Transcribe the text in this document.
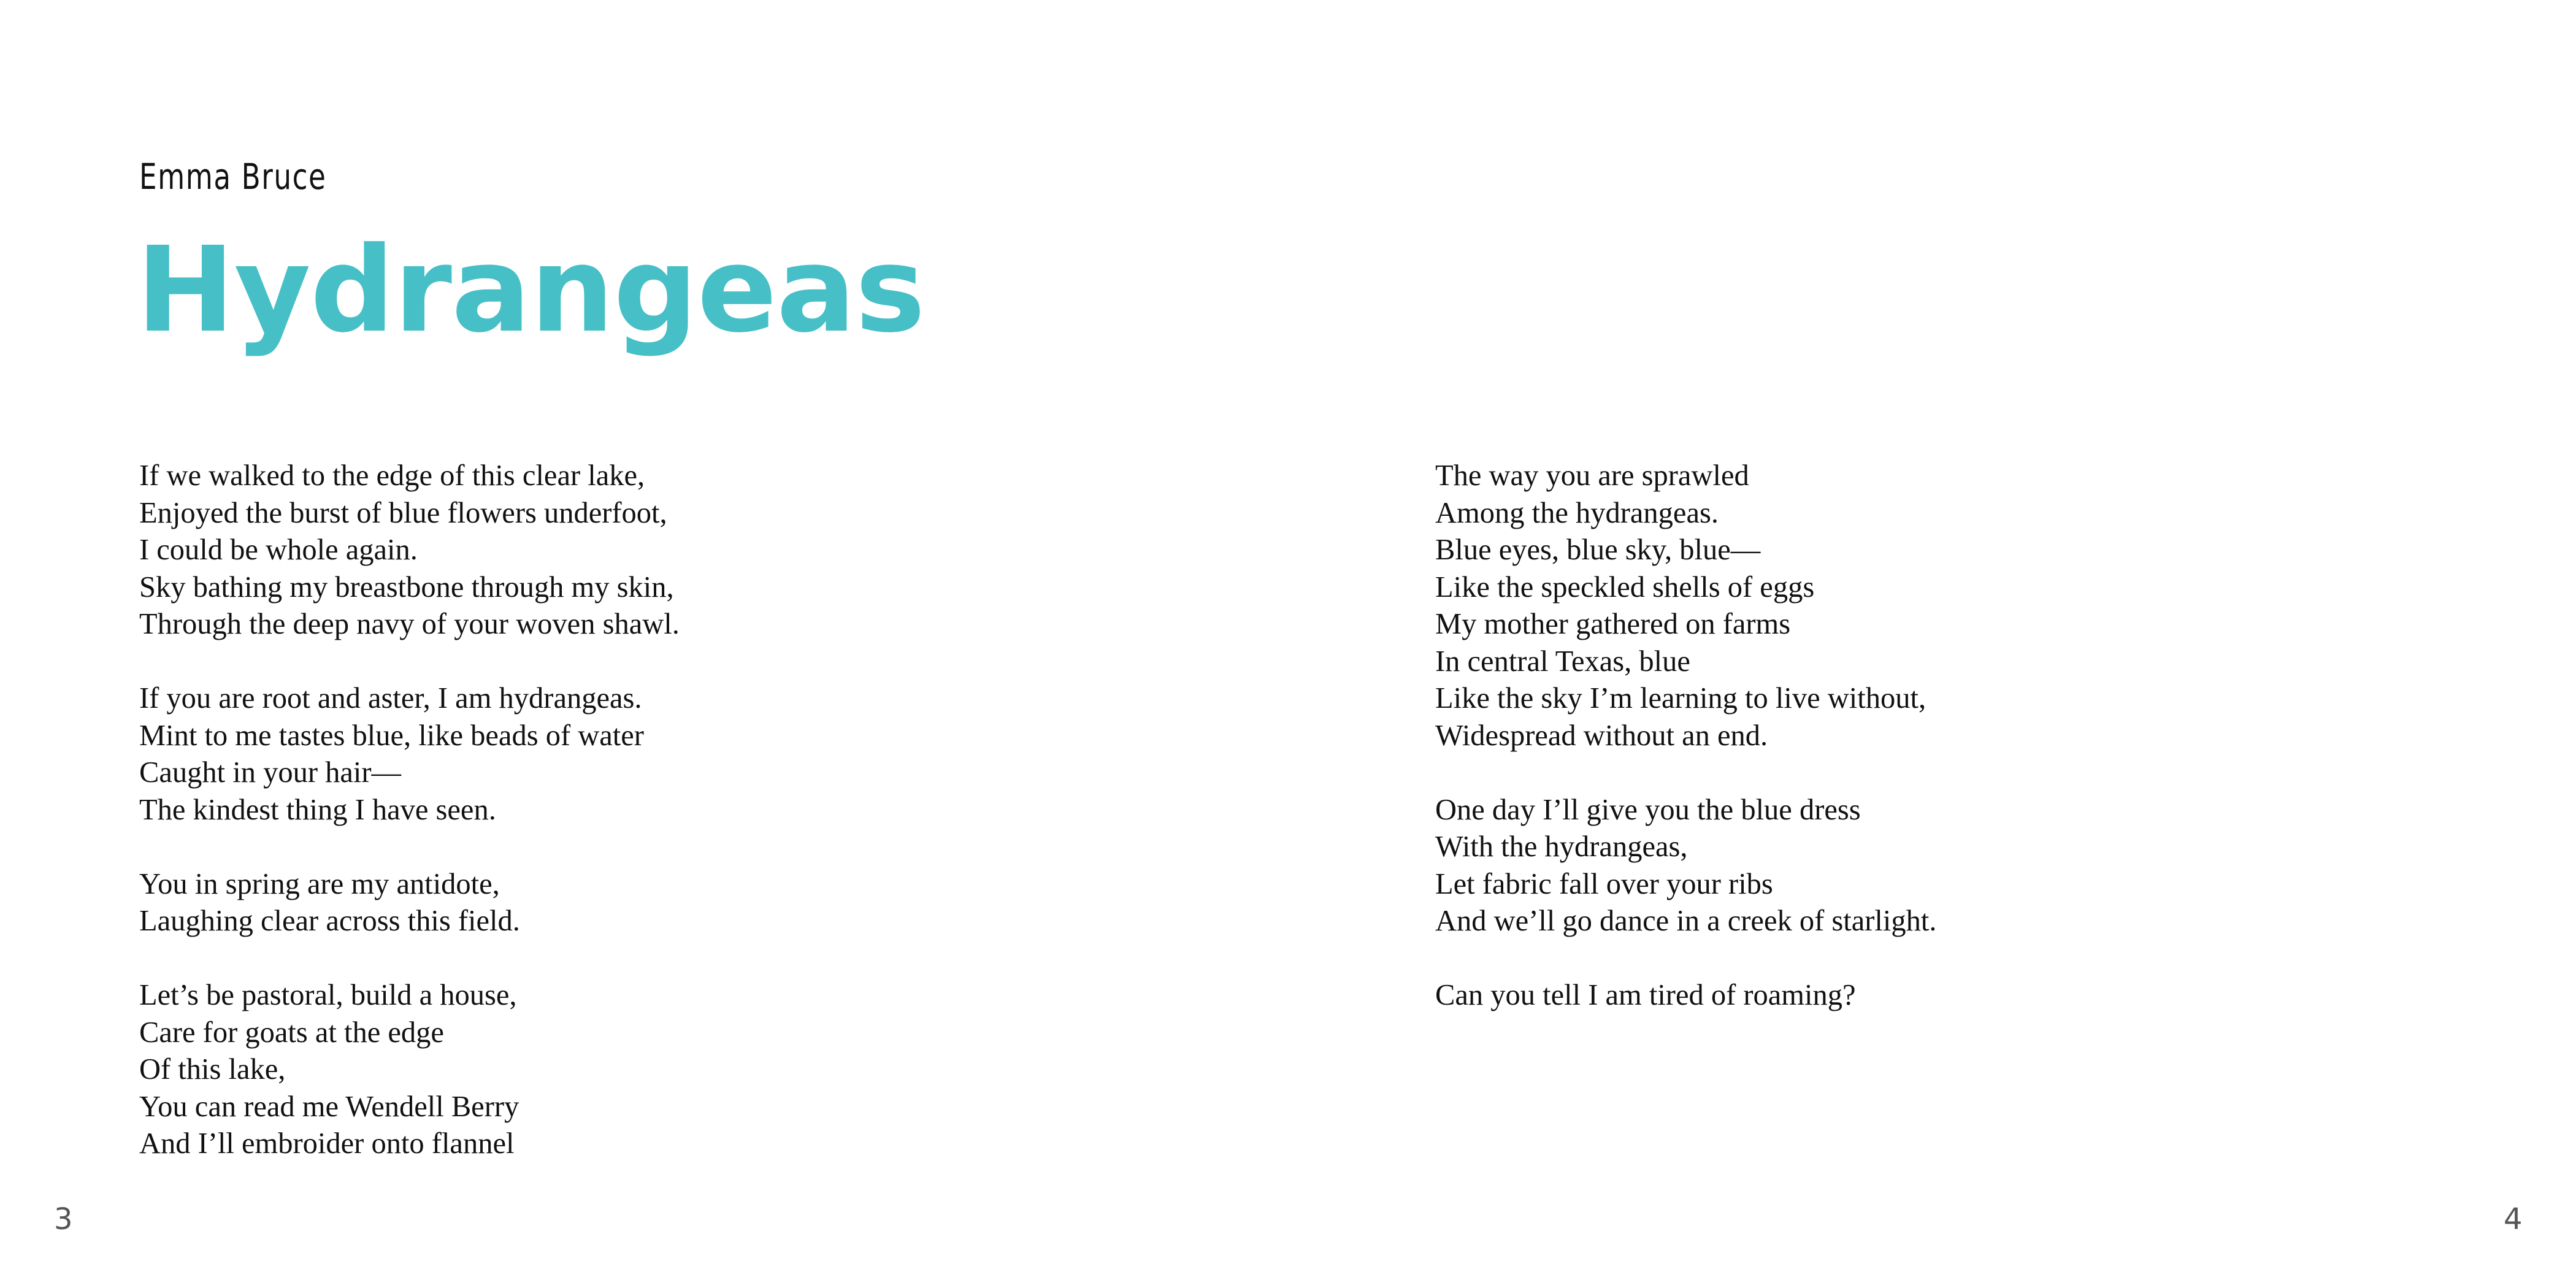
Emma Bruce
Hydrangeas
If we walked to the edge of this clear lake,
Enjoyed the burst of blue flowers underfoot,
I could be whole again.
Sky bathing my breastbone through my skin,
Through the deep navy of your woven shawl.
If you are root and aster, I am hydrangeas.
Mint to me tastes blue, like beads of water
Caught in your hair—
The kindest thing I have seen.
You in spring are my antidote,
Laughing clear across this field.
Let’s be pastoral, build a house,
Care for goats at the edge
Of this lake,
You can read me Wendell Berry
And I’ll embroider onto flannel
The way you are sprawled
Among the hydrangeas.
Blue eyes, blue sky, blue—
Like the speckled shells of eggs
My mother gathered on farms
In central Texas, blue
Like the sky I’m learning to live without,
Widespread without an end.
One day I’ll give you the blue dress
With the hydrangeas,
Let fabric fall over your ribs
And we’ll go dance in a creek of starlight.
Can you tell I am tired of roaming?
3	4
